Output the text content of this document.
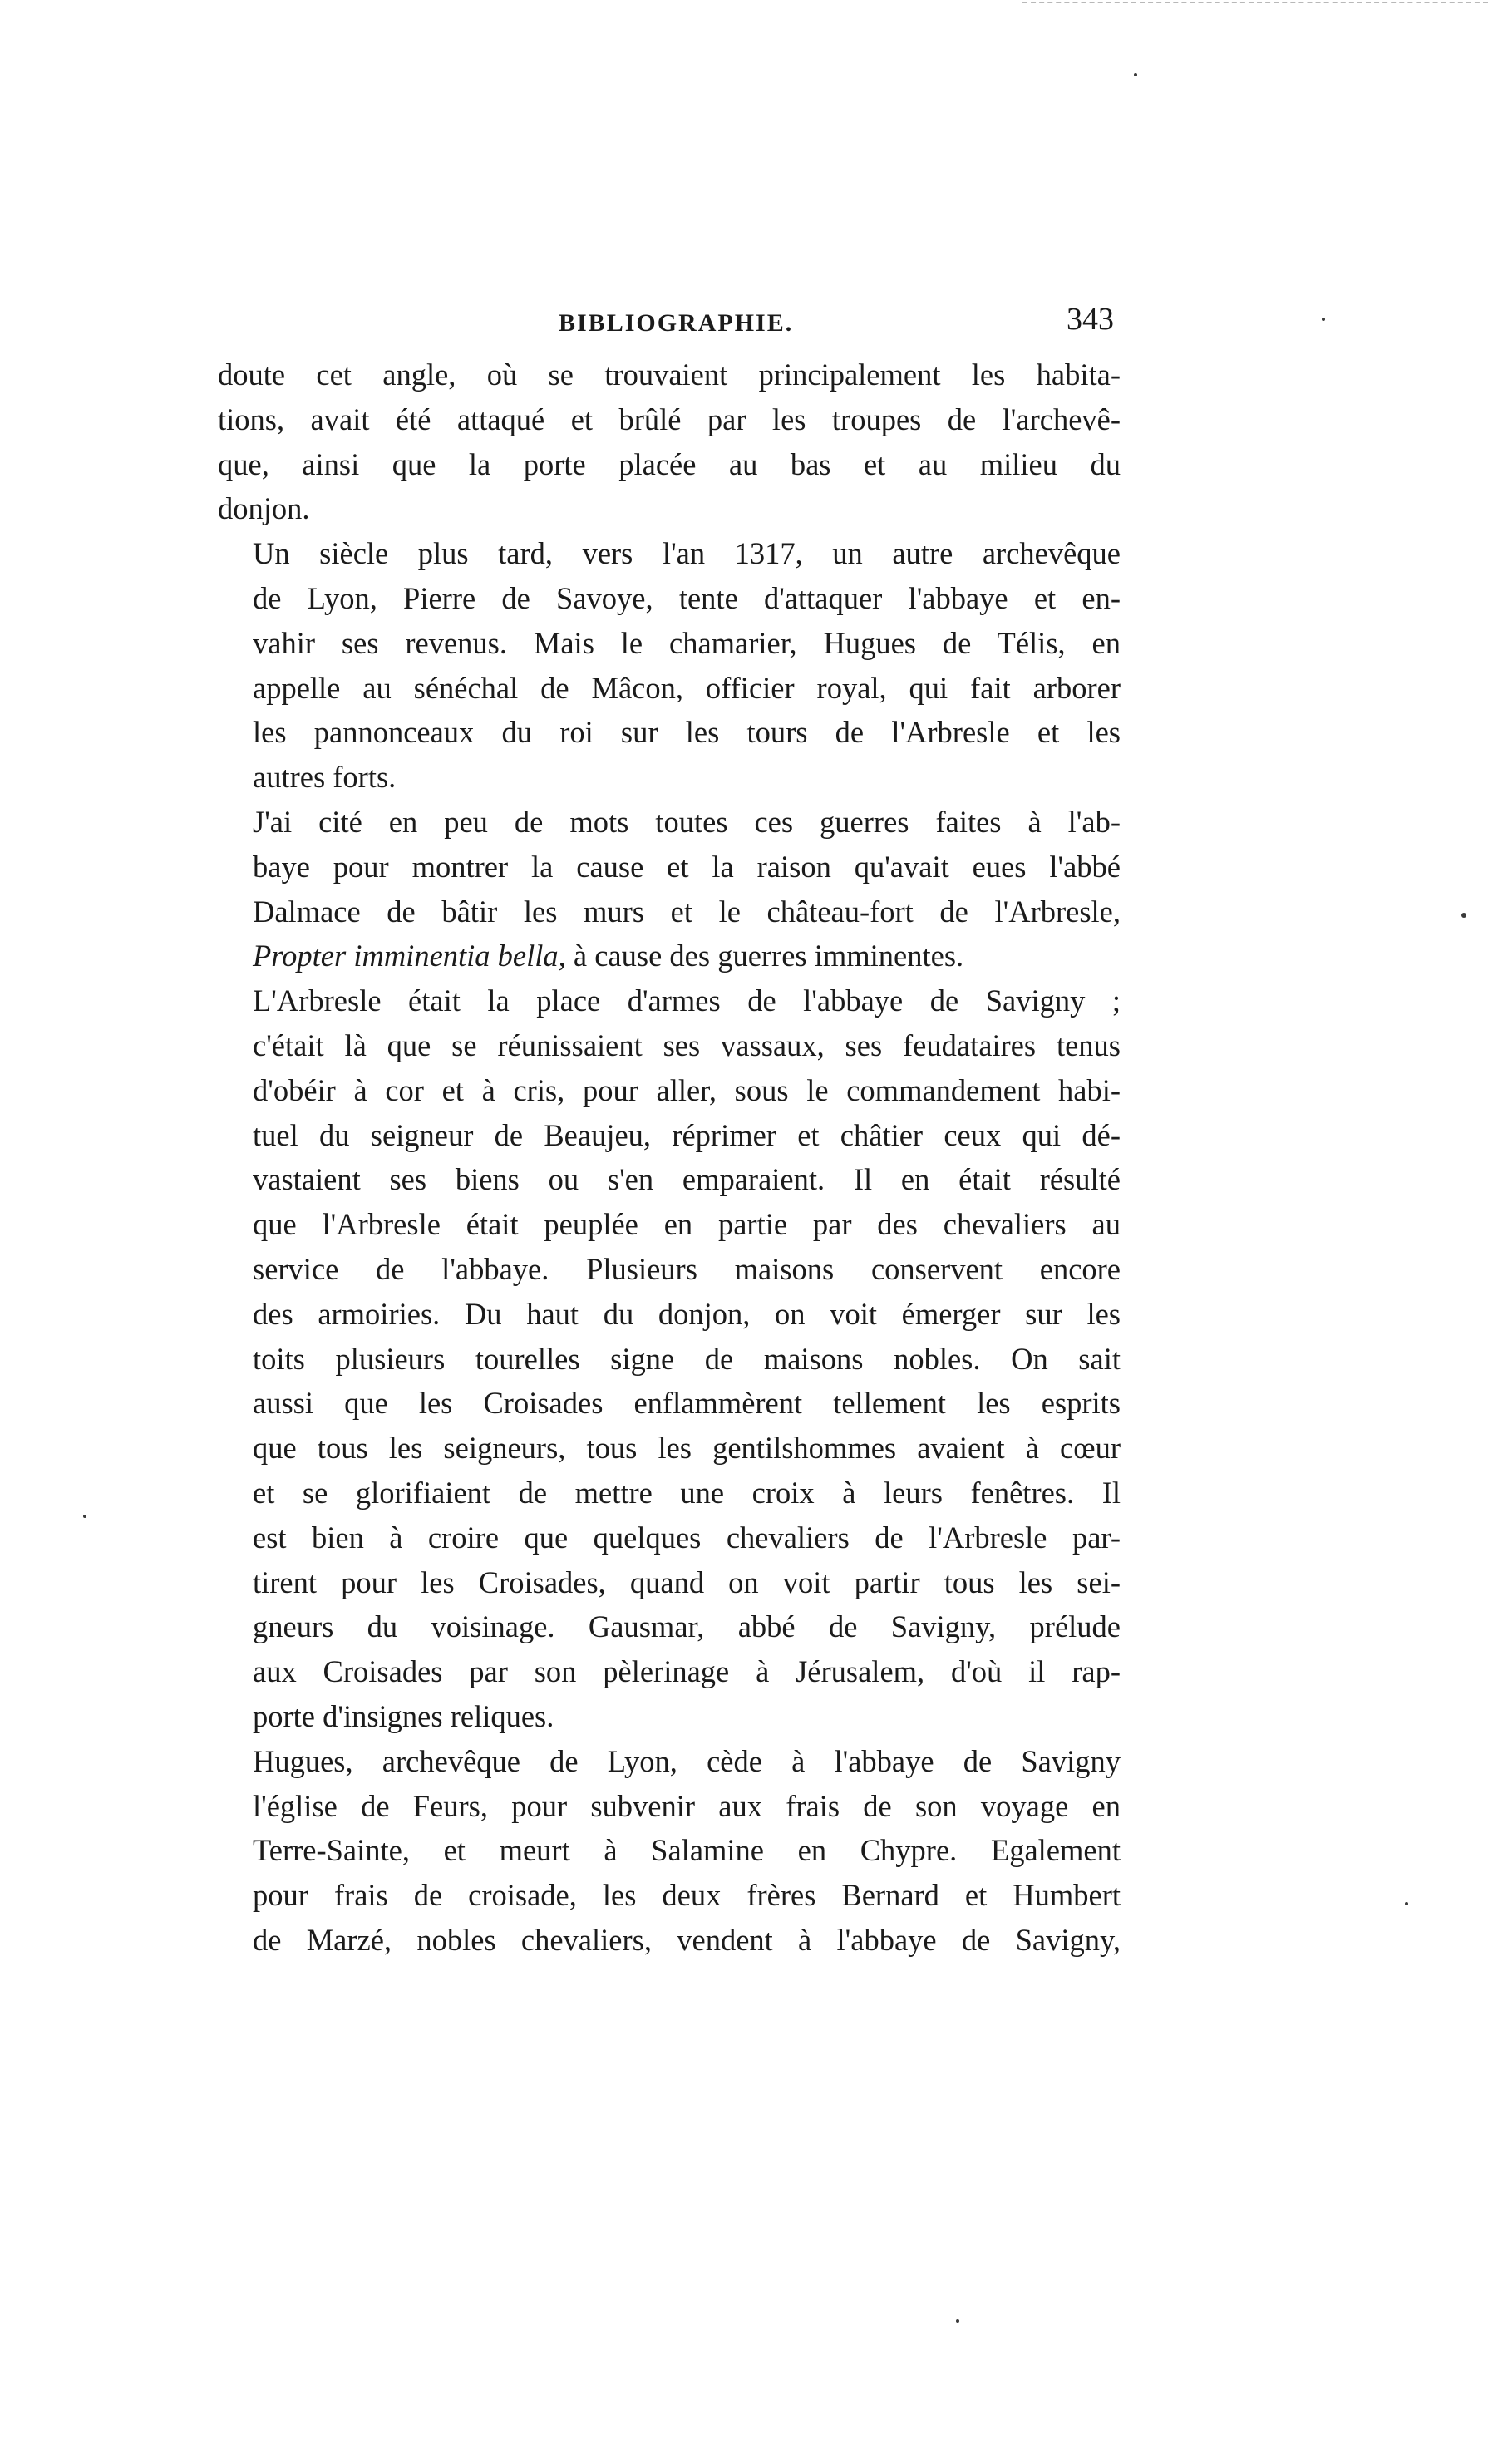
BIBLIOGRAPHIE.	343

doute cet angle, où se trouvaient principalement les habita-
tions, avait été attaqué et brûlé par les troupes de l'archevê-
que, ainsi que la porte placée au bas et au milieu du
donjon.

Un siècle plus tard, vers l'an 1317, un autre archevêque
de Lyon, Pierre de Savoye, tente d'attaquer l'abbaye et en-
vahir ses revenus. Mais le chamarier, Hugues de Télis, en
appelle au sénéchal de Mâcon, officier royal, qui fait arborer
les pannonceaux du roi sur les tours de l'Arbresle et les
autres forts.

J'ai cité en peu de mots toutes ces guerres faites à l'ab-
baye pour montrer la cause et la raison qu'avait eues l'abbé
Dalmace de bâtir les murs et le château-fort de l'Arbresle,
Propter imminentia bella, à cause des guerres imminentes.

L'Arbresle était la place d'armes de l'abbaye de Savigny ;
c'était là que se réunissaient ses vassaux, ses feudataires tenus
d'obéir à cor et à cris, pour aller, sous le commandement habi-
tuel du seigneur de Beaujeu, réprimer et châtier ceux qui dé-
vastaient ses biens ou s'en emparaient. Il en était résulté
que l'Arbresle était peuplée en partie par des chevaliers au
service de l'abbaye. Plusieurs maisons conservent encore
des armoiries. Du haut du donjon, on voit émerger sur les
toits plusieurs tourelles signe de maisons nobles. On sait
aussi que les Croisades enflammèrent tellement les esprits
que tous les seigneurs, tous les gentilshommes avaient à cœur
et se glorifiaient de mettre une croix à leurs fenêtres. Il
est bien à croire que quelques chevaliers de l'Arbresle par-
tirent pour les Croisades, quand on voit partir tous les sei-
gneurs du voisinage. Gausmar, abbé de Savigny, prélude
aux Croisades par son pèlerinage à Jérusalem, d'où il rap-
porte d'insignes reliques.

Hugues, archevêque de Lyon, cède à l'abbaye de Savigny
l'église de Feurs, pour subvenir aux frais de son voyage en
Terre-Sainte, et meurt à Salamine en Chypre. Egalement
pour frais de croisade, les deux frères Bernard et Humbert
de Marzé, nobles chevaliers, vendent à l'abbaye de Savigny,
